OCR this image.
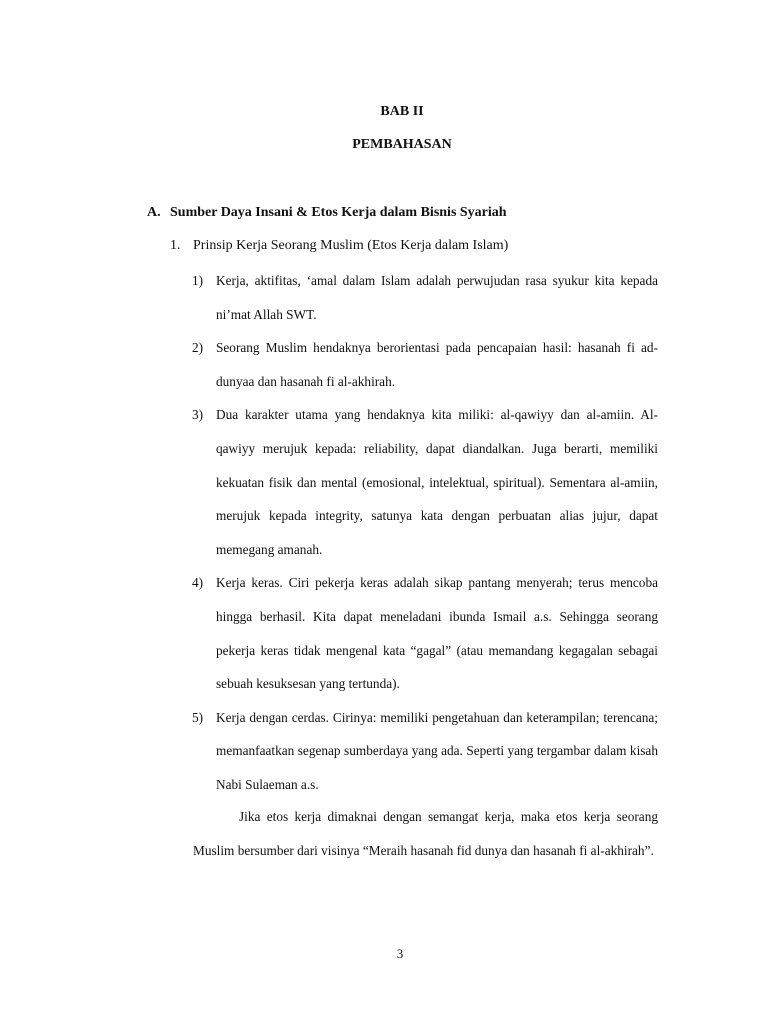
BAB II
PEMBAHASAN
A. Sumber Daya Insani & Etos Kerja dalam Bisnis Syariah
1. Prinsip Kerja Seorang Muslim (Etos Kerja dalam Islam)
1) Kerja, aktifitas, ‘amal dalam Islam adalah perwujudan rasa syukur kita kepada ni’mat Allah SWT.
2) Seorang Muslim hendaknya berorientasi pada pencapaian hasil: hasanah fi ad-dunyaa dan hasanah fi al-akhirah.
3) Dua karakter utama yang hendaknya kita miliki: al-qawiyy dan al-amiin. Al-qawiyy merujuk kepada: reliability, dapat diandalkan. Juga berarti, memiliki kekuatan fisik dan mental (emosional, intelektual, spiritual). Sementara al-amiin, merujuk kepada integrity, satunya kata dengan perbuatan alias jujur, dapat memegang amanah.
4) Kerja keras. Ciri pekerja keras adalah sikap pantang menyerah; terus mencoba hingga berhasil. Kita dapat meneladani ibunda Ismail a.s. Sehingga seorang pekerja keras tidak mengenal kata “gagal” (atau memandang kegagalan sebagai sebuah kesuksesan yang tertunda).
5) Kerja dengan cerdas. Cirinya: memiliki pengetahuan dan keterampilan; terencana; memanfaatkan segenap sumberdaya yang ada. Seperti yang tergambar dalam kisah Nabi Sulaeman a.s.

Jika etos kerja dimaknai dengan semangat kerja, maka etos kerja seorang Muslim bersumber dari visinya “Meraih hasanah fid dunya dan hasanah fi al-akhirah”.

3
